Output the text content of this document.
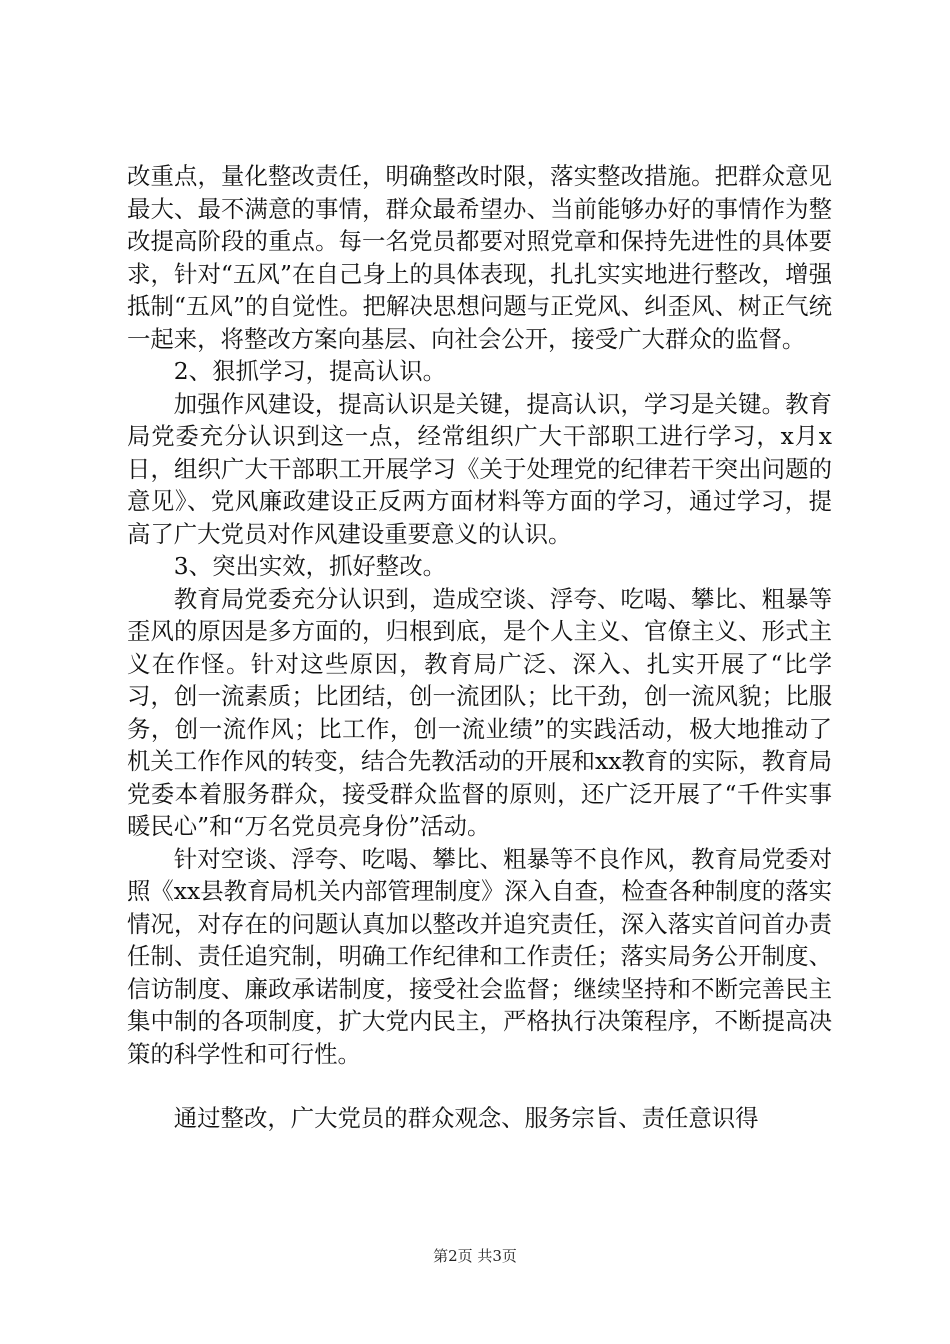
改重点，量化整改责任，明确整改时限，落实整改措施。把群众意见最大、最不满意的事情，群众最希望办、当前能够办好的事情作为整改提高阶段的重点。每一名党员都要对照党章和保持先进性的具体要求，针对“五风”在自己身上的具体表现，扎扎实实地进行整改，增强抵制“五风”的自觉性。把解决思想问题与正党风、纠歪风、树正气统一起来，将整改方案向基层、向社会公开，接受广大群众的监督。

2、狠抓学习，提高认识。

加强作风建设，提高认识是关键，提高认识，学习是关键。教育局党委充分认识到这一点，经常组织广大干部职工进行学习，x月x日，组织广大干部职工开展学习《关于处理党的纪律若干突出问题的意见》、党风廉政建设正反两方面材料等方面的学习，通过学习，提高了广大党员对作风建设重要意义的认识。

3、突出实效，抓好整改。

教育局党委充分认识到，造成空谈、浮夸、吃喝、攀比、粗暴等歪风的原因是多方面的，归根到底，是个人主义、官僚主义、形式主义在作怪。针对这些原因，教育局广泛、深入、扎实开展了“比学习，创一流素质；比团结，创一流团队；比干劲，创一流风貌；比服务，创一流作风；比工作，创一流业绩”的实践活动，极大地推动了机关工作作风的转变，结合先教活动的开展和xx教育的实际，教育局党委本着服务群众，接受群众监督的原则，还广泛开展了“千件实事暖民心”和“万名党员亮身份”活动。

针对空谈、浮夸、吃喝、攀比、粗暴等不良作风，教育局党委对照《xx县教育局机关内部管理制度》深入自查，检查各种制度的落实情况，对存在的问题认真加以整改并追究责任，深入落实首问首办责任制、责任追究制，明确工作纪律和工作责任；落实局务公开制度、信访制度、廉政承诺制度，接受社会监督；继续坚持和不断完善民主集中制的各项制度，扩大党内民主，严格执行决策程序，不断提高决策的科学性和可行性。

通过整改，广大党员的群众观念、服务宗旨、责任意识得

第2页 共3页
